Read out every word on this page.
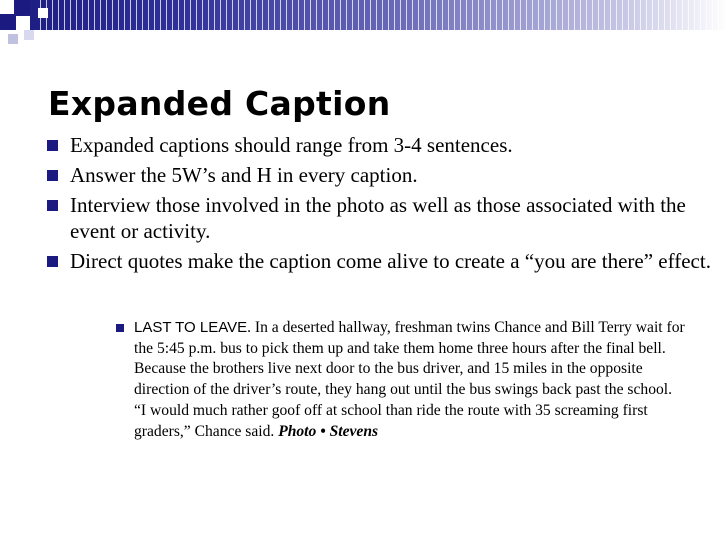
Expanded Caption
Expanded captions should range from 3-4 sentences.
Answer the 5W’s and H in every caption.
Interview those involved in the photo as well as those associated with the event or activity.
Direct quotes make the caption come alive to create a “you are there” effect.
LAST TO LEAVE. In a deserted hallway, freshman twins Chance and Bill Terry wait for the 5:45 p.m. bus to pick them up and take them home three hours after the final bell. Because the brothers live next door to the bus driver, and 15 miles in the opposite direction of the driver’s route, they hang out until the bus swings back past the school. “I would much rather goof off at school than ride the route with 35 screaming first graders,” Chance said. Photo • Stevens
